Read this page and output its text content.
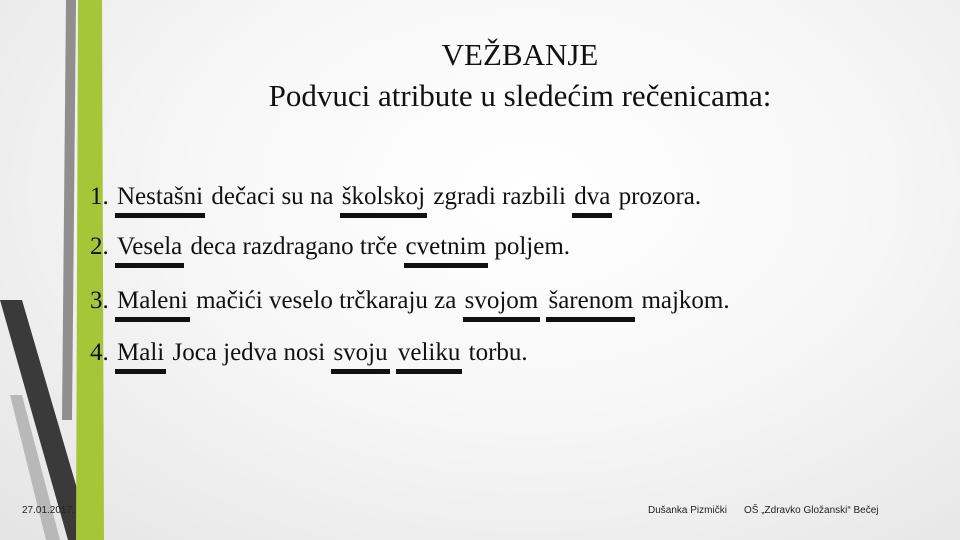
VEŽBANJE
Podvuci atribute u sledećim rečenicama:
1. Nestašni dečaci su na školskoj zgradi razbili dva prozora.
2. Vesela deca razdragano trče cvetnim poljem.
3. Maleni mačići veselo trčkaraju za svojom šarenom majkom.
4. Mali Joca jedva nosi svoju veliku torbu.
27.01.2017.	Dušanka Pizmički OŠ „Zdravko Gložanski“ Bečej
